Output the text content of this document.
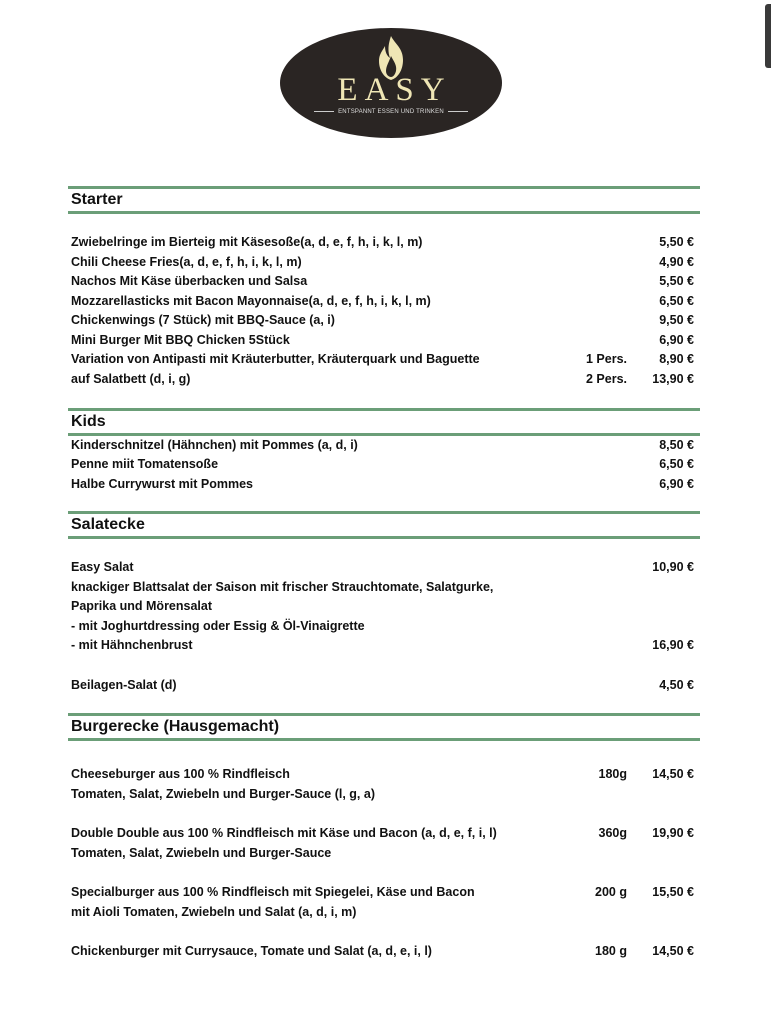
EASY
ENTSPANNT ESSEN UND TRINKEN
Starter
Zwiebelringe im Bierteig mit Käsesoße(a, d, e, f, h, i, k, l, m)	5,50 €
Chili Cheese Fries(a, d, e, f, h, i, k, l, m)	4,90 €
Nachos Mit Käse überbacken und Salsa	5,50 €
Mozzarellasticks mit Bacon Mayonnaise(a, d, e, f, h, i, k, l, m)	6,50 €
Chickenwings (7 Stück) mit BBQ-Sauce (a, i)	9,50 €
Mini Burger Mit BBQ Chicken 5Stück	6,90 €
Variation von Antipasti mit Kräuterbutter, Kräuterquark und Baguette	1 Pers.	8,90 €
auf Salatbett (d, i, g)	2 Pers. 13,90 €
Kids
Kinderschnitzel (Hähnchen) mit Pommes (a, d, i)	8,50 €
Penne miit Tomatensoße	6,50 €
Halbe Currywurst mit Pommes	6,90 €
Salatecke
Easy Salat	10,90 €
knackiger Blattsalat der Saison mit frischer Strauchtomate, Salatgurke,
Paprika und Mörensalat
- mit Joghurtdressing oder Essig & Öl-Vinaigrette
- mit Hähnchenbrust	16,90 €
Beilagen-Salat (d)	4,50 €
Burgerecke (Hausgemacht)
Cheeseburger aus 100 % Rindfleisch	180g 14,50 €
Tomaten, Salat, Zwiebeln und Burger-Sauce (l, g, a)
Double Double aus 100 % Rindfleisch mit Käse und Bacon (a, d, e, f, i, l)	360g 19,90 €
Tomaten, Salat, Zwiebeln und Burger-Sauce
Specialburger aus 100 % Rindfleisch mit Spiegelei, Käse und Bacon	200 g 15,50 €
mit Aioli Tomaten, Zwiebeln und Salat (a, d, i, m)
Chickenburger mit Currysauce, Tomate und Salat (a, d, e, i, l)	180 g 14,50 €
